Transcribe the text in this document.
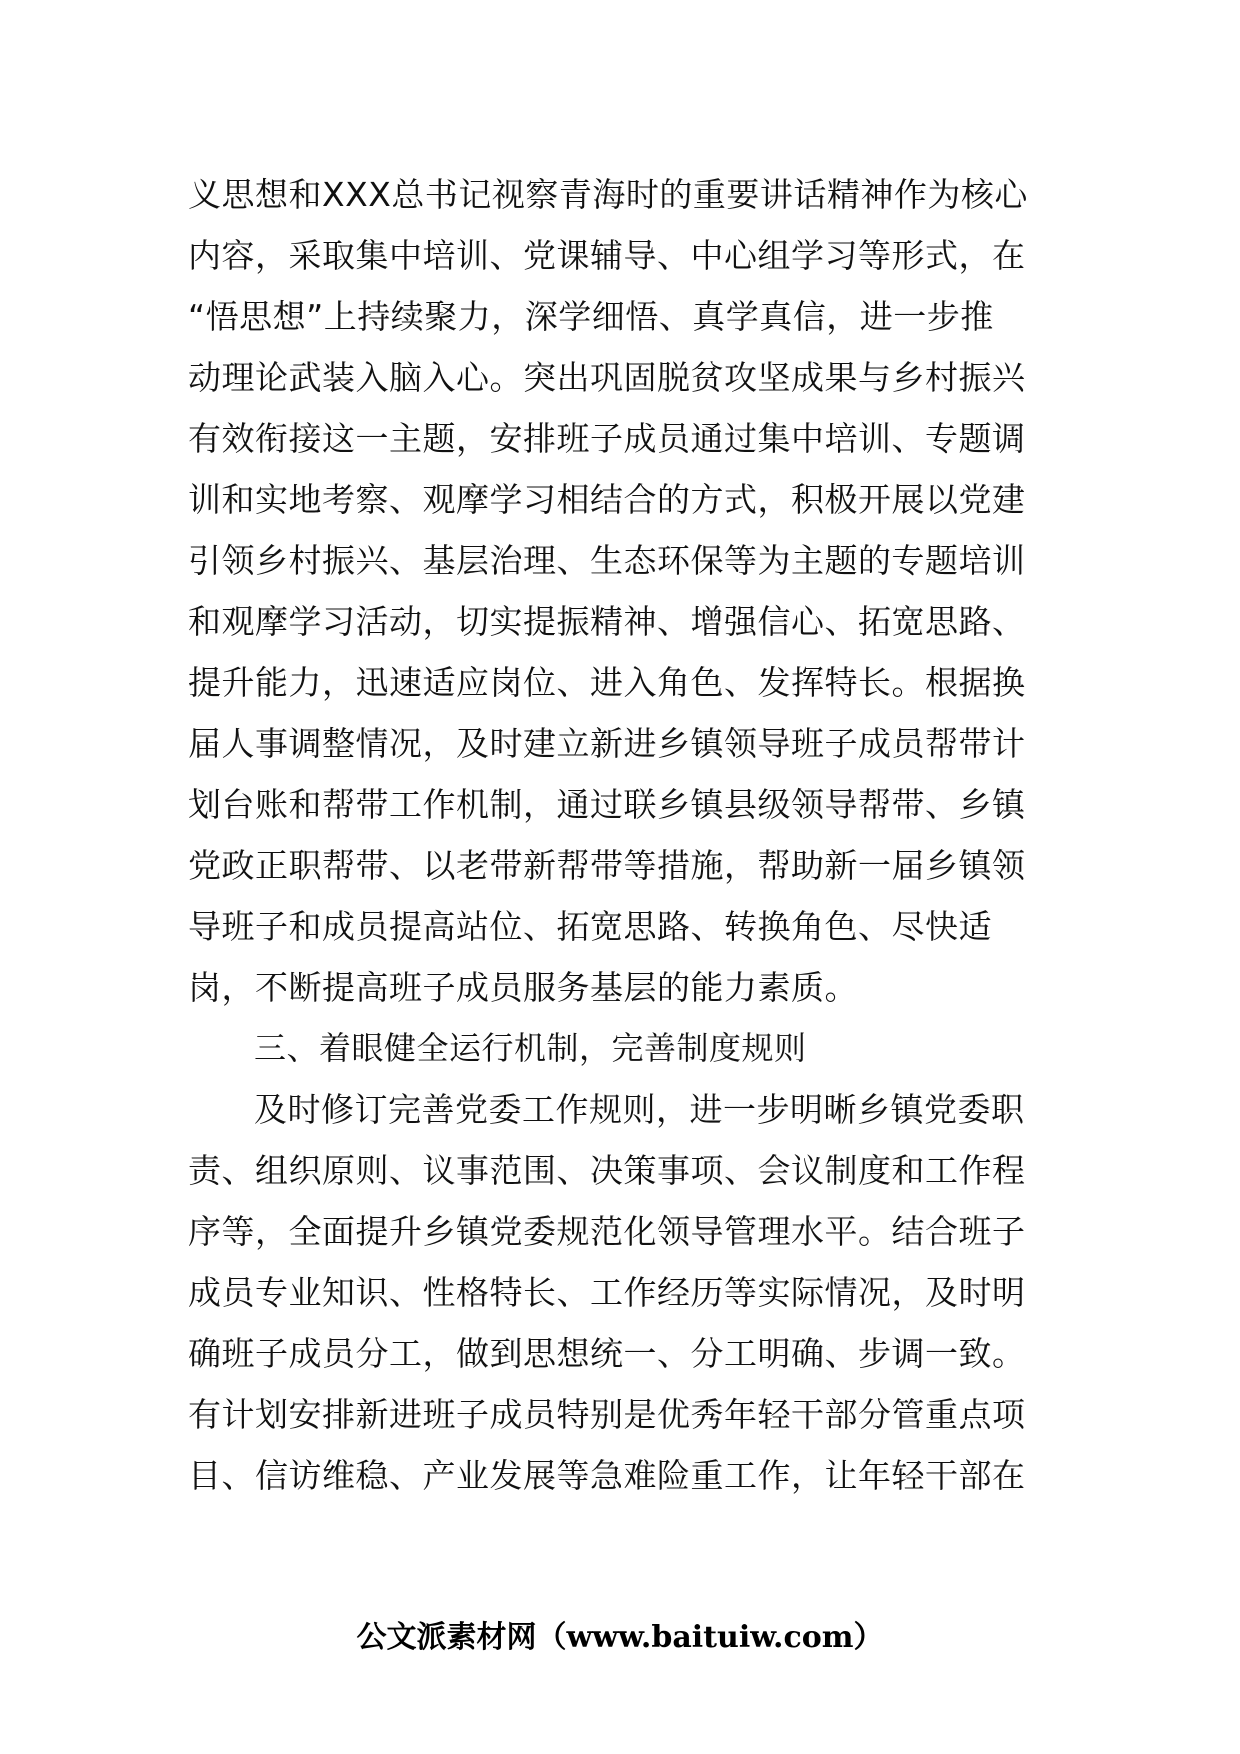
义思想和XXX总书记视察青海时的重要讲话精神作为核心
内容，采取集中培训、党课辅导、中心组学习等形式，在
“悟思想”上持续聚力，深学细悟、真学真信，进一步推
动理论武装入脑入心。突出巩固脱贫攻坚成果与乡村振兴
有效衔接这一主题，安排班子成员通过集中培训、专题调
训和实地考察、观摩学习相结合的方式，积极开展以党建
引领乡村振兴、基层治理、生态环保等为主题的专题培训
和观摩学习活动，切实提振精神、增强信心、拓宽思路、
提升能力，迅速适应岗位、进入角色、发挥特长。根据换
届人事调整情况，及时建立新进乡镇领导班子成员帮带计
划台账和帮带工作机制，通过联乡镇县级领导帮带、乡镇
党政正职帮带、以老带新帮带等措施，帮助新一届乡镇领
导班子和成员提高站位、拓宽思路、转换角色、尽快适
岗，不断提高班子成员服务基层的能力素质。
三、着眼健全运行机制，完善制度规则
及时修订完善党委工作规则，进一步明晰乡镇党委职
责、组织原则、议事范围、决策事项、会议制度和工作程
序等，全面提升乡镇党委规范化领导管理水平。结合班子
成员专业知识、性格特长、工作经历等实际情况，及时明
确班子成员分工，做到思想统一、分工明确、步调一致。
有计划安排新进班子成员特别是优秀年轻干部分管重点项
目、信访维稳、产业发展等急难险重工作，让年轻干部在
公文派素材网（www.baituiw.com）
